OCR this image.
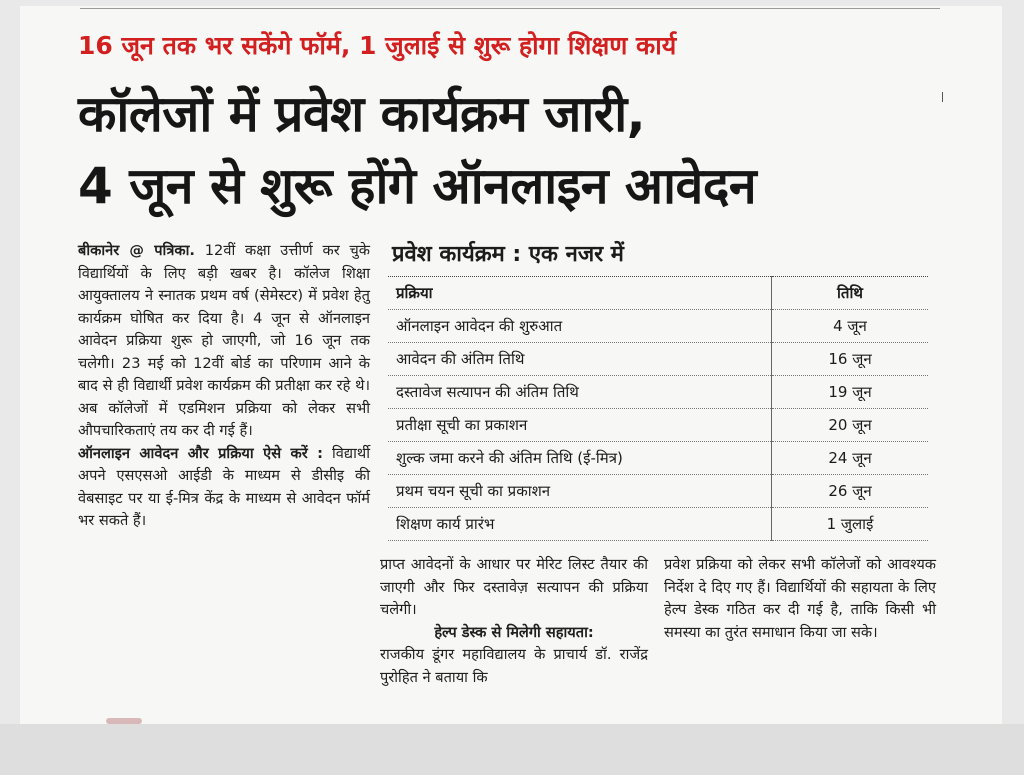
16 जून तक भर सकेंगे फॉर्म, 1 जुलाई से शुरू होगा शिक्षण कार्य
कॉलेजों में प्रवेश कार्यक्रम जारी,
4 जून से शुरू होंगे ऑनलाइन आवेदन

बीकानेर @ पत्रिका. 12वीं कक्षा उत्तीर्ण कर चुके विद्यार्थियों के लिए बड़ी खबर है। कॉलेज शिक्षा आयुक्तालय ने स्नातक प्रथम वर्ष (सेमेस्टर) में प्रवेश हेतु कार्यक्रम घोषित कर दिया है। 4 जून से ऑनलाइन आवेदन प्रक्रिया शुरू हो जाएगी, जो 16 जून तक चलेगी। 23 मई को 12वीं बोर्ड का परिणाम आने के बाद से ही विद्यार्थी प्रवेश कार्यक्रम की प्रतीक्षा कर रहे थे। अब कॉलेजों में एडमिशन प्रक्रिया को लेकर सभी औपचारिकताएं तय कर दी गई हैं।

ऑनलाइन आवेदन और प्रक्रिया ऐसे करें : विद्यार्थी अपने एसएसओ आईडी के माध्यम से डीसीइ की वेबसाइट पर या ई-मित्र केंद्र के माध्यम से आवेदन फॉर्म भर सकते हैं।

प्रवेश कार्यक्रम : एक नजर में
प्रक्रिया	तिथि
ऑनलाइन आवेदन की शुरुआत	4 जून
आवेदन की अंतिम तिथि	16 जून
दस्तावेज सत्यापन की अंतिम तिथि	19 जून
प्रतीक्षा सूची का प्रकाशन	20 जून
शुल्क जमा करने की अंतिम तिथि (ई-मित्र)	24 जून
प्रथम चयन सूची का प्रकाशन	26 जून
शिक्षण कार्य प्रारंभ	1 जुलाई

प्राप्त आवेदनों के आधार पर मेरिट लिस्ट तैयार की जाएगी और फिर दस्तावेज़ सत्यापन की प्रक्रिया चलेगी।

हेल्प डेस्क से मिलेगी सहायता:

राजकीय डूंगर महाविद्यालय के प्राचार्य डॉ. राजेंद्र पुरोहित ने बताया कि

प्रवेश प्रक्रिया को लेकर सभी कॉलेजों को आवश्यक निर्देश दे दिए गए हैं। विद्यार्थियों की सहायता के लिए हेल्प डेस्क गठित कर दी गई है, ताकि किसी भी समस्या का तुरंत समाधान किया जा सके।
